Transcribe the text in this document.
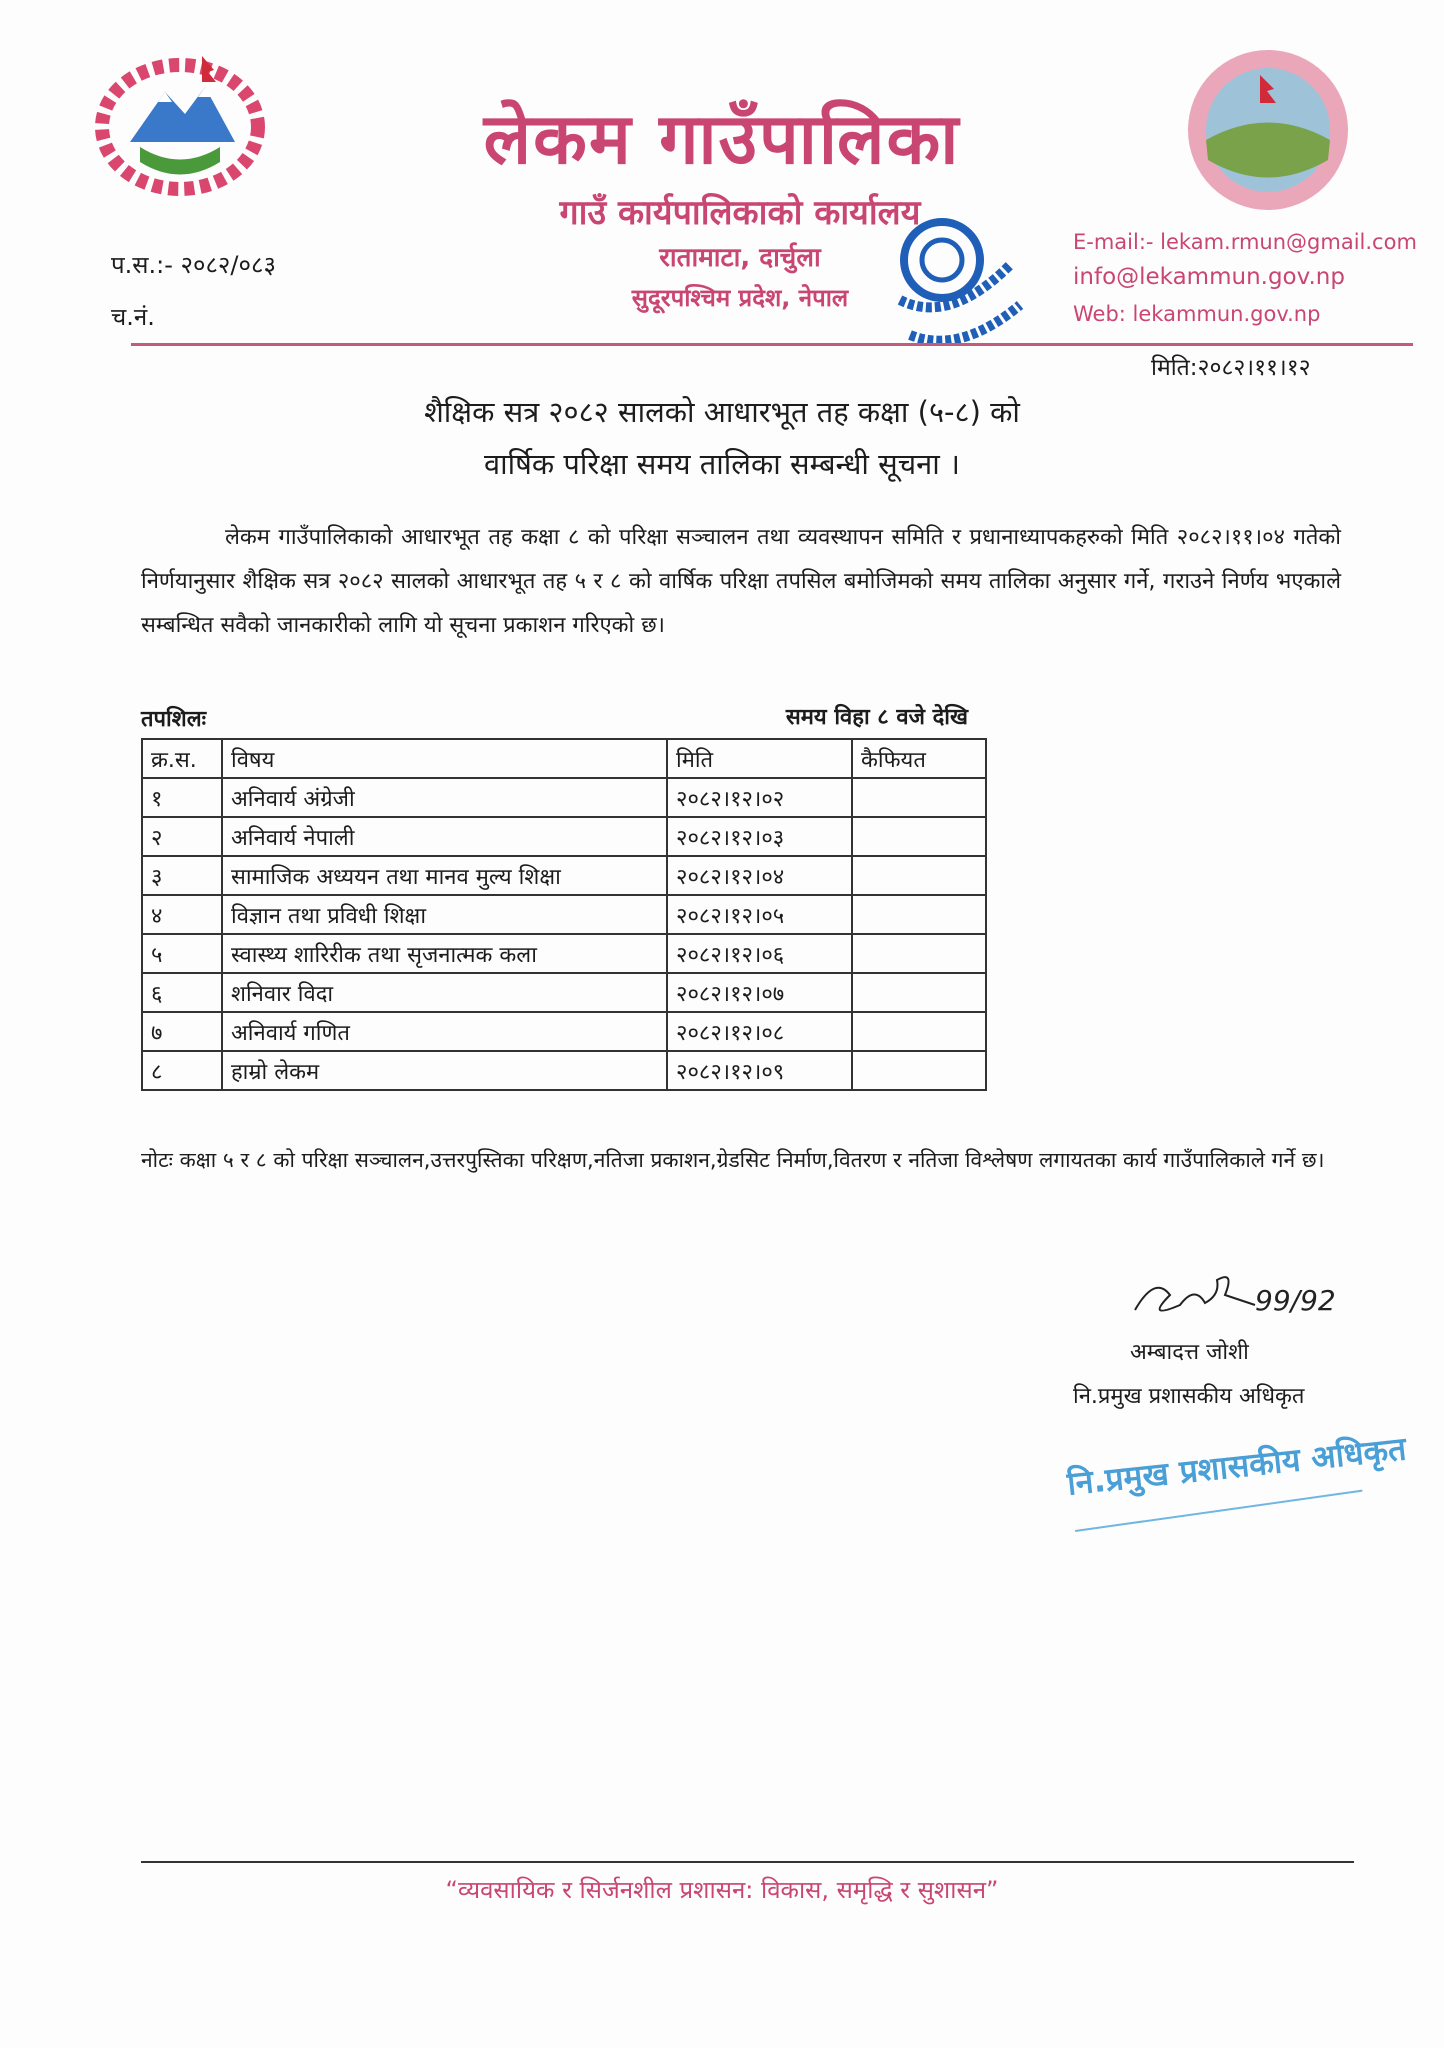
लेकम गाउँपालिका
गाउँ कार्यपालिकाको कार्यालय
रातामाटा, दार्चुला
सुदूरपश्चिम प्रदेश, नेपाल
प.स.:- २०८२/०८३
च.नं.
E-mail:- lekam.rmun@gmail.com
info@lekammun.gov.np
Web: lekammun.gov.np
मिति:२०८२।११।१२
शैक्षिक सत्र २०८२ सालको आधारभूत तह कक्षा (५-८) को
वार्षिक परिक्षा समय तालिका सम्बन्धी सूचना ।
लेकम गाउँपालिकाको आधारभूत तह कक्षा ८ को परिक्षा सञ्चालन तथा व्यवस्थापन समिति र प्रधानाध्यापकहरुको मिति २०८२।११।०४ गतेको निर्णयानुसार शैक्षिक सत्र २०८२ सालको आधारभूत तह ५ र ८ को वार्षिक परिक्षा तपसिल बमोजिमको समय तालिका अनुसार गर्ने, गराउने निर्णय भएकाले सम्बन्धित सवैको जानकारीको लागि यो सूचना प्रकाशन गरिएको छ।
तपशिलः	समय विहा ८ वजे देखि
क्र.स.	विषय	मिति	कैफियत
१	अनिवार्य अंग्रेजी	२०८२।१२।०२	
२	अनिवार्य नेपाली	२०८२।१२।०३	
३	सामाजिक अध्ययन तथा मानव मुल्य शिक्षा	२०८२।१२।०४	
४	विज्ञान तथा प्रविधी शिक्षा	२०८२।१२।०५	
५	स्वास्थ्य शारिरीक तथा सृजनात्मक कला	२०८२।१२।०६	
६	शनिवार विदा	२०८२।१२।०७	
७	अनिवार्य गणित	२०८२।१२।०८	
८	हाम्रो लेकम	२०८२।१२।०९	
नोटः कक्षा ५ र ८ को परिक्षा सञ्चालन,उत्तरपुस्तिका परिक्षण,नतिजा प्रकाशन,ग्रेडसिट निर्माण,वितरण र नतिजा विश्लेषण लगायतका कार्य गाउँपालिकाले गर्ने छ।
99/92
अम्बादत्त जोशी
नि.प्रमुख प्रशासकीय अधिकृत
नि.प्रमुख प्रशासकीय अधिकृत
“व्यवसायिक र सिर्जनशील प्रशासन: विकास, समृद्धि र सुशासन”
